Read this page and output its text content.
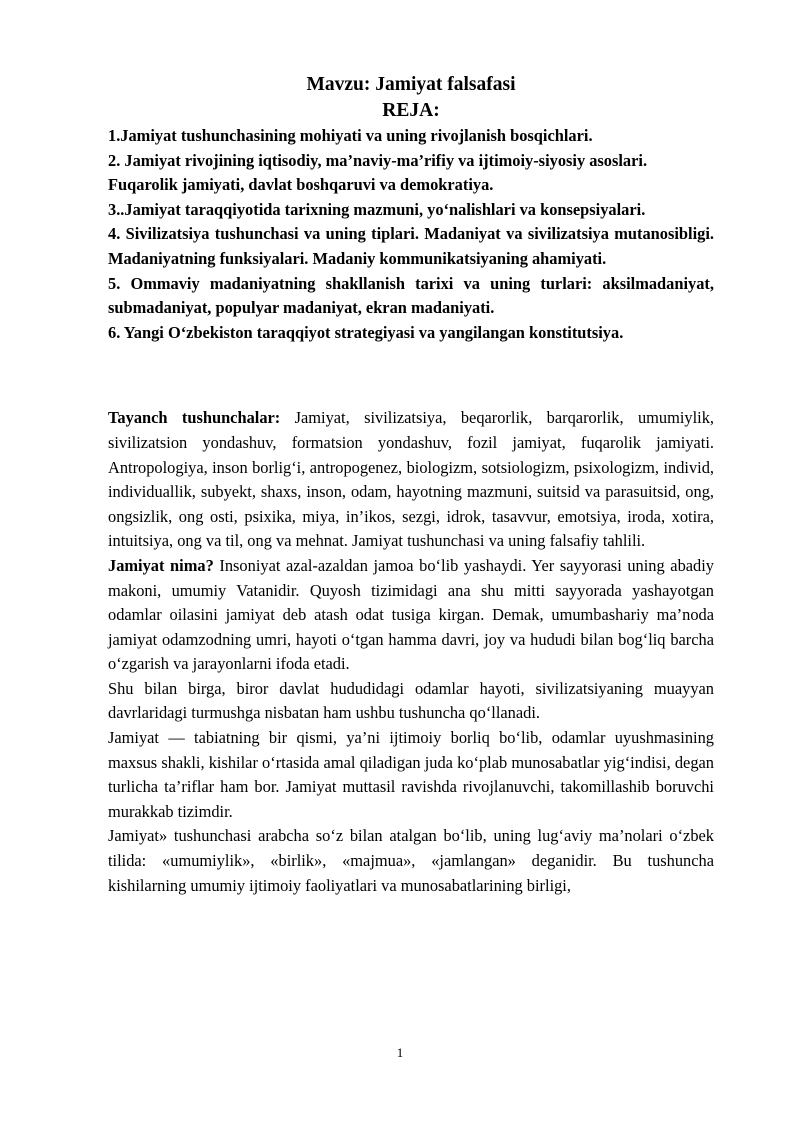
Mavzu: Jamiyat falsafasi
REJA:
1.Jamiyat tushunchasining mohiyati va uning rivojlanish bosqichlari.
2. Jamiyat rivojining iqtisodiy, ma’naviy-ma’rifiy va ijtimoiy-siyosiy asoslari.
Fuqarolik jamiyati, davlat boshqaruvi va demokratiya.
3..Jamiyat taraqqiyotida tarixning mazmuni, yo‘nalishlari va konsepsiyalari.
4. Sivilizatsiya tushunchasi va uning tiplari. Madaniyat va sivilizatsiya mutanosibligi. Madaniyatning funksiyalari. Madaniy kommunikatsiyaning ahamiyati.
5. Ommaviy madaniyatning shakllanish tarixi va uning turlari: aksilmadaniyat, submadaniyat, populyar madaniyat, ekran madaniyati.
6. Yangi O‘zbekiston taraqqiyot strategiyasi va yangilangan konstitutsiya.

Tayanch tushunchalar: Jamiyat, sivilizatsiya, beqarorlik, barqarorlik, umumiylik, sivilizatsion yondashuv, formatsion yondashuv, fozil jamiyat, fuqarolik jamiyati. Antropologiya, inson borlig‘i, antropogenez, biologizm, sotsiologizm, psixologizm, individ, individuallik, subyekt, shaxs, inson, odam, hayotning mazmuni, suitsid va parasuitsid, ong, ongsizlik, ong osti, psixika, miya, in’ikos, sezgi, idrok, tasavvur, emotsiya, iroda, xotira, intuitsiya, ong va til, ong va mehnat. Jamiyat tushunchasi va uning falsafiy tahlili.

Jamiyat nima? Insoniyat azal-azaldan jamoa bo‘lib yashaydi. Yer sayyorasi uning abadiy makoni, umumiy Vatanidir. Quyosh tizimidagi ana shu mitti sayyorada yashayotgan odamlar oilasini jamiyat deb atash odat tusiga kirgan. Demak, umumbashariy ma’noda jamiyat odamzodning umri, hayoti o‘tgan hamma davri, joy va hududi bilan bog‘liq barcha o‘zgarish va jarayonlarni ifoda etadi.

Shu bilan birga, biror davlat hududidagi odamlar hayoti, sivilizatsiyaning muayyan davrlaridagi turmushga nisbatan ham ushbu tushuncha qo‘llanadi.

Jamiyat — tabiatning bir qismi, ya’ni ijtimoiy borliq bo‘lib, odamlar uyushmasining maxsus shakli, kishilar o‘rtasida amal qiladigan juda ko‘plab munosabatlar yig‘indisi, degan turlicha ta’riflar ham bor. Jamiyat muttasil ravishda rivojlanuvchi, takomillashib boruvchi murakkab tizimdir.

Jamiyat» tushunchasi arabcha so‘z bilan atalgan bo‘lib, uning lug‘aviy ma’nolari o‘zbek tilida: «umumiylik», «birlik», «majmua», «jamlangan» deganidir. Bu tushuncha kishilarning umumiy ijtimoiy faoliyatlari va munosabatlarining birligi,

1
